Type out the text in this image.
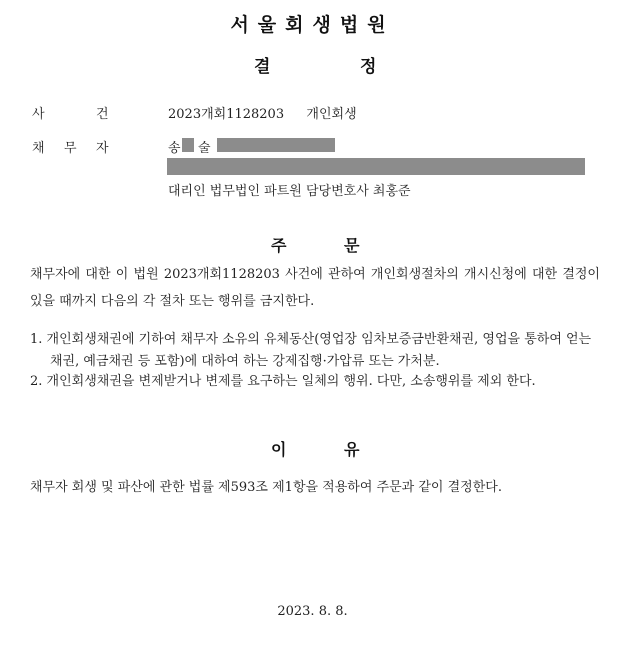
서울회생법원
결	정
사	건	2023개회1128203 개인회생
채 무 자	송 술
대리인 법무법인 파트원 담당변호사 최홍준
주	문
채무자에 대한 이 법원 2023개회1128203 사건에 관하여 개인회생절차의 개시신청에 대한 결정이 있을 때까지 다음의 각 절차 또는 행위를 금지한다.
1. 개인회생채권에 기하여 채무자 소유의 유체동산(영업장 임차보증금반환채권, 영업을 통하여 얻는 채권, 예금채권 등 포함)에 대하여 하는 강제집행·가압류 또는 가처분.
2. 개인회생채권을 변제받거나 변제를 요구하는 일체의 행위. 다만, 소송행위를 제외 한다.
이	유
채무자 회생 및 파산에 관한 법률 제593조 제1항을 적용하여 주문과 같이 결정한다.
2023. 8. 8.
